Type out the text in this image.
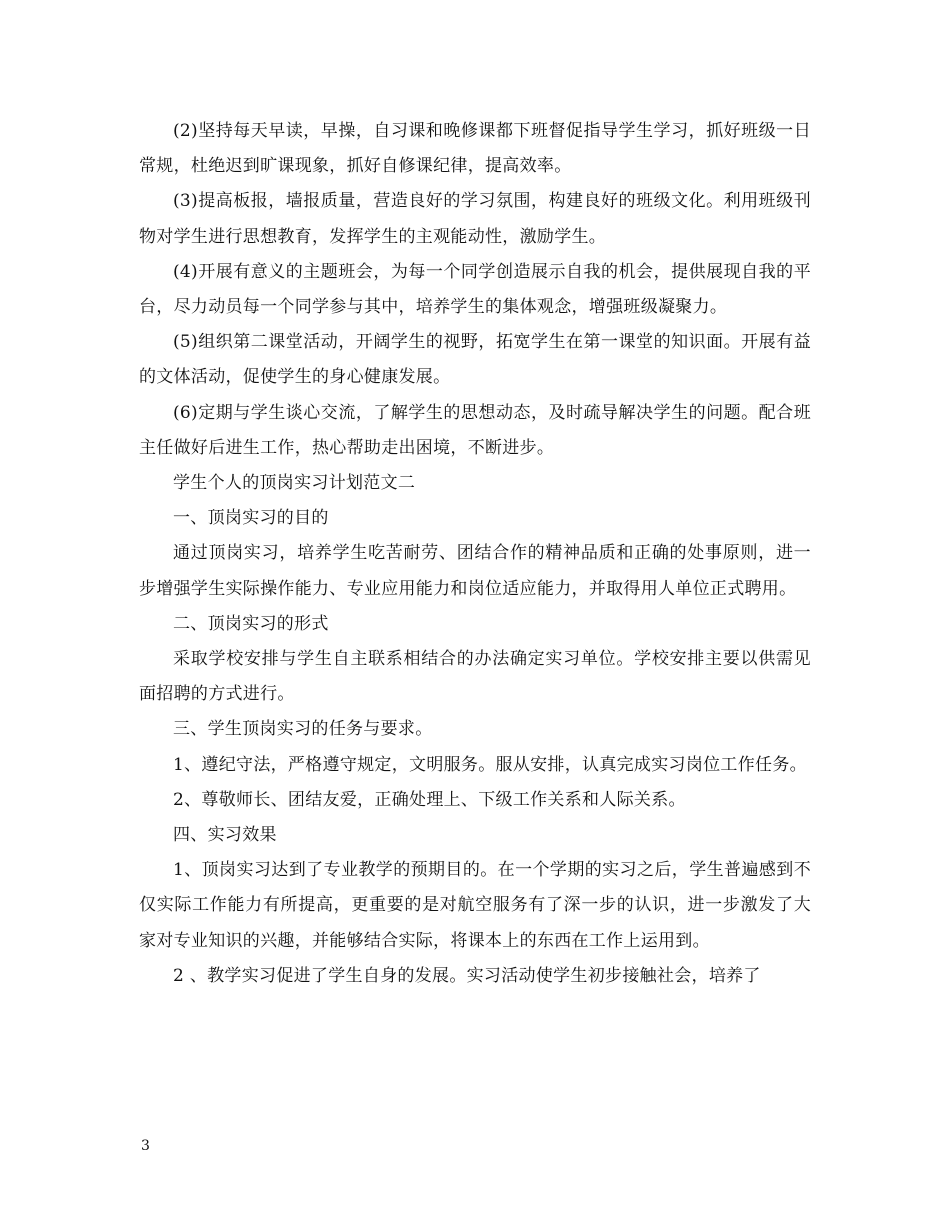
(2)坚持每天早读，早操，自习课和晚修课都下班督促指导学生学习，抓好班级一日常规，杜绝迟到旷课现象，抓好自修课纪律，提高效率。

(3)提高板报，墙报质量，营造良好的学习氛围，构建良好的班级文化。利用班级刊物对学生进行思想教育，发挥学生的主观能动性，激励学生。

(4)开展有意义的主题班会，为每一个同学创造展示自我的机会，提供展现自我的平台，尽力动员每一个同学参与其中，培养学生的集体观念，增强班级凝聚力。

(5)组织第二课堂活动，开阔学生的视野，拓宽学生在第一课堂的知识面。开展有益的文体活动，促使学生的身心健康发展。

(6)定期与学生谈心交流，了解学生的思想动态，及时疏导解决学生的问题。配合班主任做好后进生工作，热心帮助走出困境，不断进步。

学生个人的顶岗实习计划范文二

一、顶岗实习的目的

通过顶岗实习，培养学生吃苦耐劳、团结合作的精神品质和正确的处事原则，进一步增强学生实际操作能力、专业应用能力和岗位适应能力，并取得用人单位正式聘用。

二、顶岗实习的形式

采取学校安排与学生自主联系相结合的办法确定实习单位。学校安排主要以供需见面招聘的方式进行。

三、学生顶岗实习的任务与要求。

1、遵纪守法，严格遵守规定，文明服务。服从安排，认真完成实习岗位工作任务。

2、尊敬师长、团结友爱，正确处理上、下级工作关系和人际关系。

四、实习效果

1、顶岗实习达到了专业教学的预期目的。在一个学期的实习之后，学生普遍感到不仅实际工作能力有所提高，更重要的是对航空服务有了深一步的认识，进一步激发了大家对专业知识的兴趣，并能够结合实际，将课本上的东西在工作上运用到。

2 、教学实习促进了学生自身的发展。实习活动使学生初步接触社会，培养了

3
